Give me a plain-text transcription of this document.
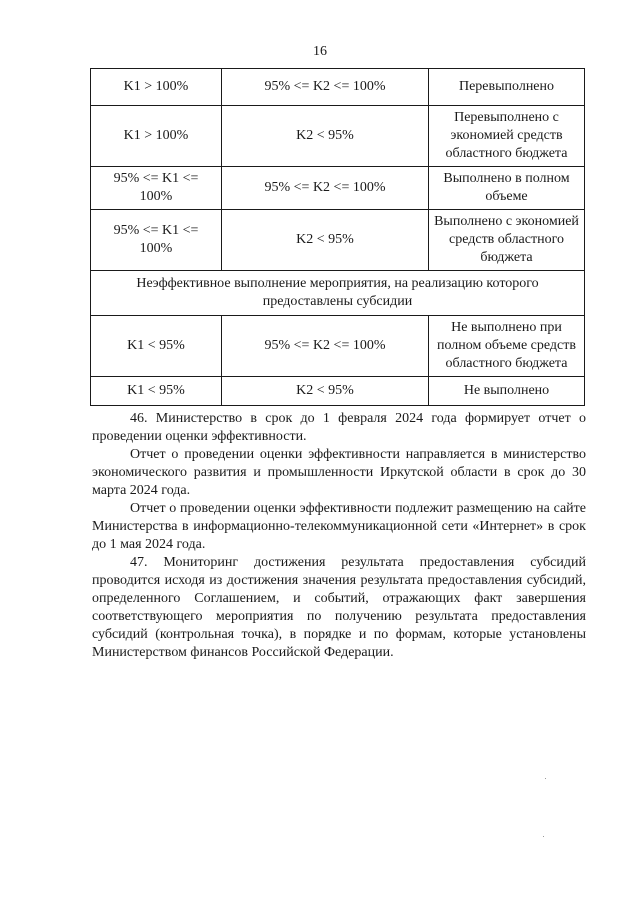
16
K1 > 100%	95% <= K2 <= 100%	Перевыполнено
K1 > 100%	K2 < 95%	Перевыполнено с экономией средств областного бюджета
95% <= K1 <= 100%	95% <= K2 <= 100%	Выполнено в полном объеме
95% <= K1 <= 100%	K2 < 95%	Выполнено с экономией средств областного бюджета
Неэффективное выполнение мероприятия, на реализацию которого предоставлены субсидии		
K1 < 95%	95% <= K2 <= 100%	Не выполнено при полном объеме средств областного бюджета
K1 < 95%	K2 < 95%	Не выполнено

46. Министерство в срок до 1 февраля 2024 года формирует отчет о проведении оценки эффективности.

Отчет о проведении оценки эффективности направляется в министерство экономического развития и промышленности Иркутской области в срок до 30 марта 2024 года.

Отчет о проведении оценки эффективности подлежит размещению на сайте Министерства в информационно-телекоммуникационной сети «Интернет» в срок до 1 мая 2024 года.

47. Мониторинг достижения результата предоставления субсидий проводится исходя из достижения значения результата предоставления субсидий, определенного Соглашением, и событий, отражающих факт завершения соответствующего мероприятия по получению результата предоставления субсидий (контрольная точка), в порядке и по формам, которые установлены Министерством финансов Российской Федерации.
